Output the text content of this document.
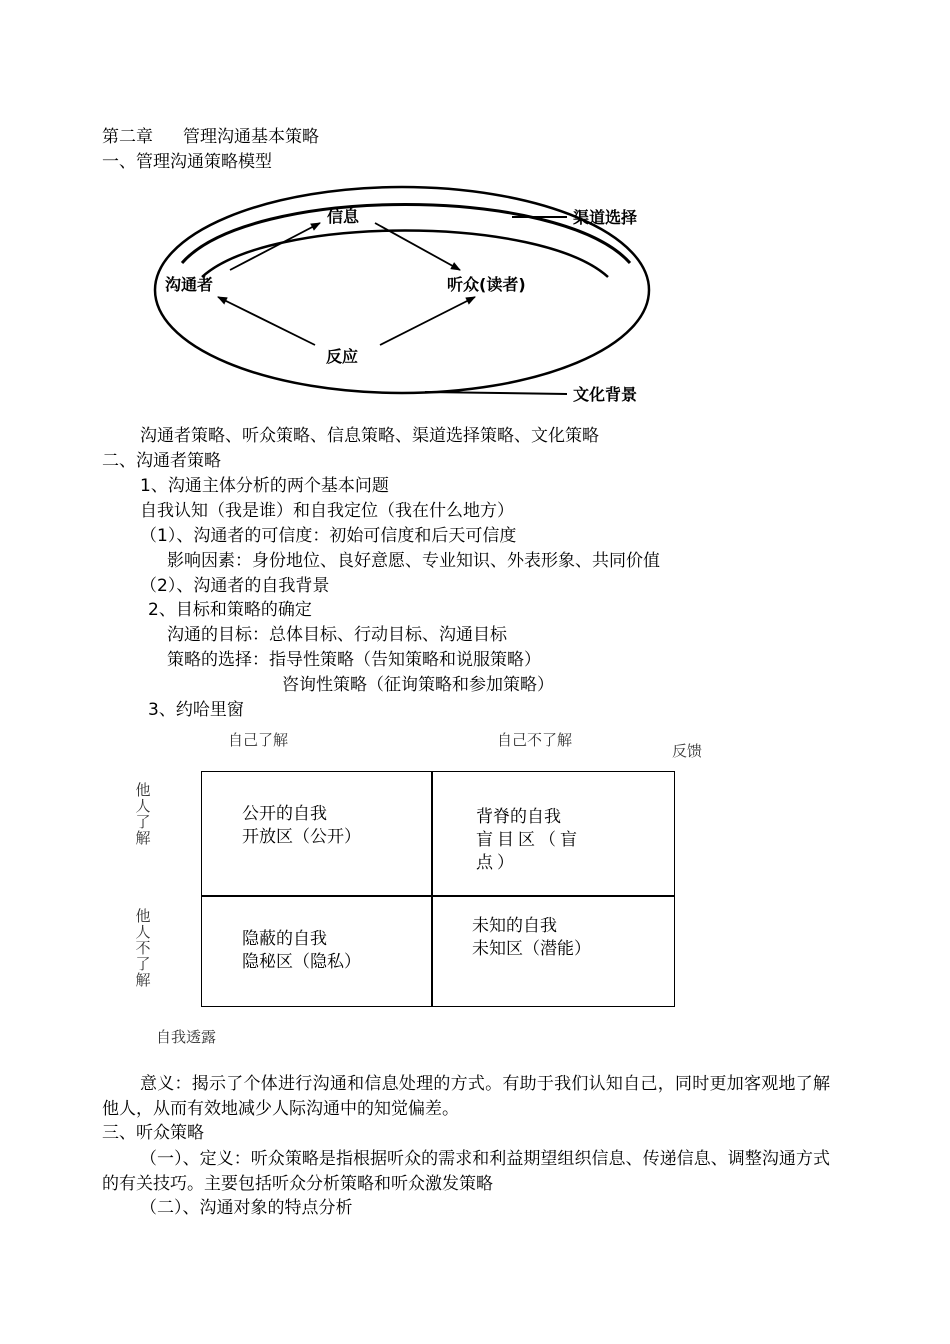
第二章 管理沟通基本策略
一、管理沟通策略模型
信息
沟通者	听众(读者)
反应
渠道选择
文化背景
沟通者策略、听众策略、信息策略、渠道选择策略、文化策略
二、沟通者策略
1、沟通主体分析的两个基本问题
自我认知（我是谁）和自我定位（我在什么地方）
（1）、沟通者的可信度：初始可信度和后天可信度
影响因素：身份地位、良好意愿、专业知识、外表形象、共同价值
（2）、沟通者的自我背景
2、目标和策略的确定
沟通的目标：总体目标、行动目标、沟通目标
策略的选择：指导性策略（告知策略和说服策略）
咨询性策略（征询策略和参加策略）
3、约哈里窗
自己了解	自己不了解
反馈
他人了解
他人不了解
公开的自我
开放区（公开）
背脊的自我
盲目区（盲点）
隐蔽的自我
隐秘区（隐私）
未知的自我
未知区（潜能）
自我透露
意义：揭示了个体进行沟通和信息处理的方式。有助于我们认知自己，同时更加客观地了解他人，从而有效地减少人际沟通中的知觉偏差。
三、听众策略
（一）、定义：听众策略是指根据听众的需求和利益期望组织信息、传递信息、调整沟通方式的有关技巧。主要包括听众分析策略和听众激发策略
（二）、沟通对象的特点分析
